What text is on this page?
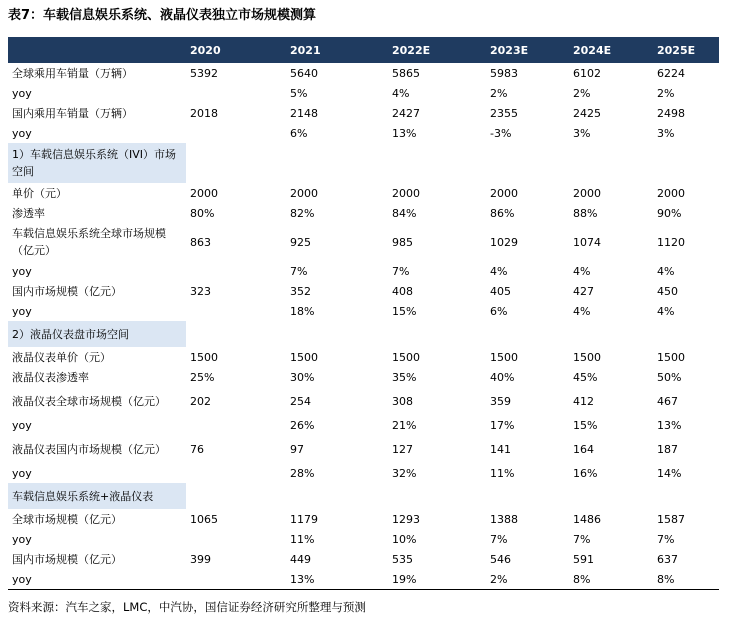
表7：车载信息娱乐系统、液晶仪表独立市场规模测算
	2020	2021	2022E	2023E	2024E	2025E
全球乘用车销量（万辆）	5392	5640	5865	5983	6102	6224
yoy		5%	4%	2%	2%	2%
国内乘用车销量（万辆）	2018	2148	2427	2355	2425	2498
yoy		6%	13%	-3%	3%	3%
1）车载信息娱乐系统（IVI）市场空间						
单价（元）	2000	2000	2000	2000	2000	2000
渗透率	80%	82%	84%	86%	88%	90%
车载信息娱乐系统全球市场规模（亿元）	863	925	985	1029	1074	1120
yoy		7%	7%	4%	4%	4%
国内市场规模（亿元）	323	352	408	405	427	450
yoy		18%	15%	6%	4%	4%
2）液晶仪表盘市场空间						
液晶仪表单价（元）	1500	1500	1500	1500	1500	1500
液晶仪表渗透率	25%	30%	35%	40%	45%	50%
液晶仪表全球市场规模（亿元）	202	254	308	359	412	467
yoy		26%	21%	17%	15%	13%
液晶仪表国内市场规模（亿元）	76	97	127	141	164	187
yoy		28%	32%	11%	16%	14%
车载信息娱乐系统+液晶仪表						
全球市场规模（亿元）	1065	1179	1293	1388	1486	1587
yoy		11%	10%	7%	7%	7%
国内市场规模（亿元）	399	449	535	546	591	637
yoy		13%	19%	2%	8%	8%
资料来源：汽车之家，LMC，中汽协，国信证券经济研究所整理与预测
